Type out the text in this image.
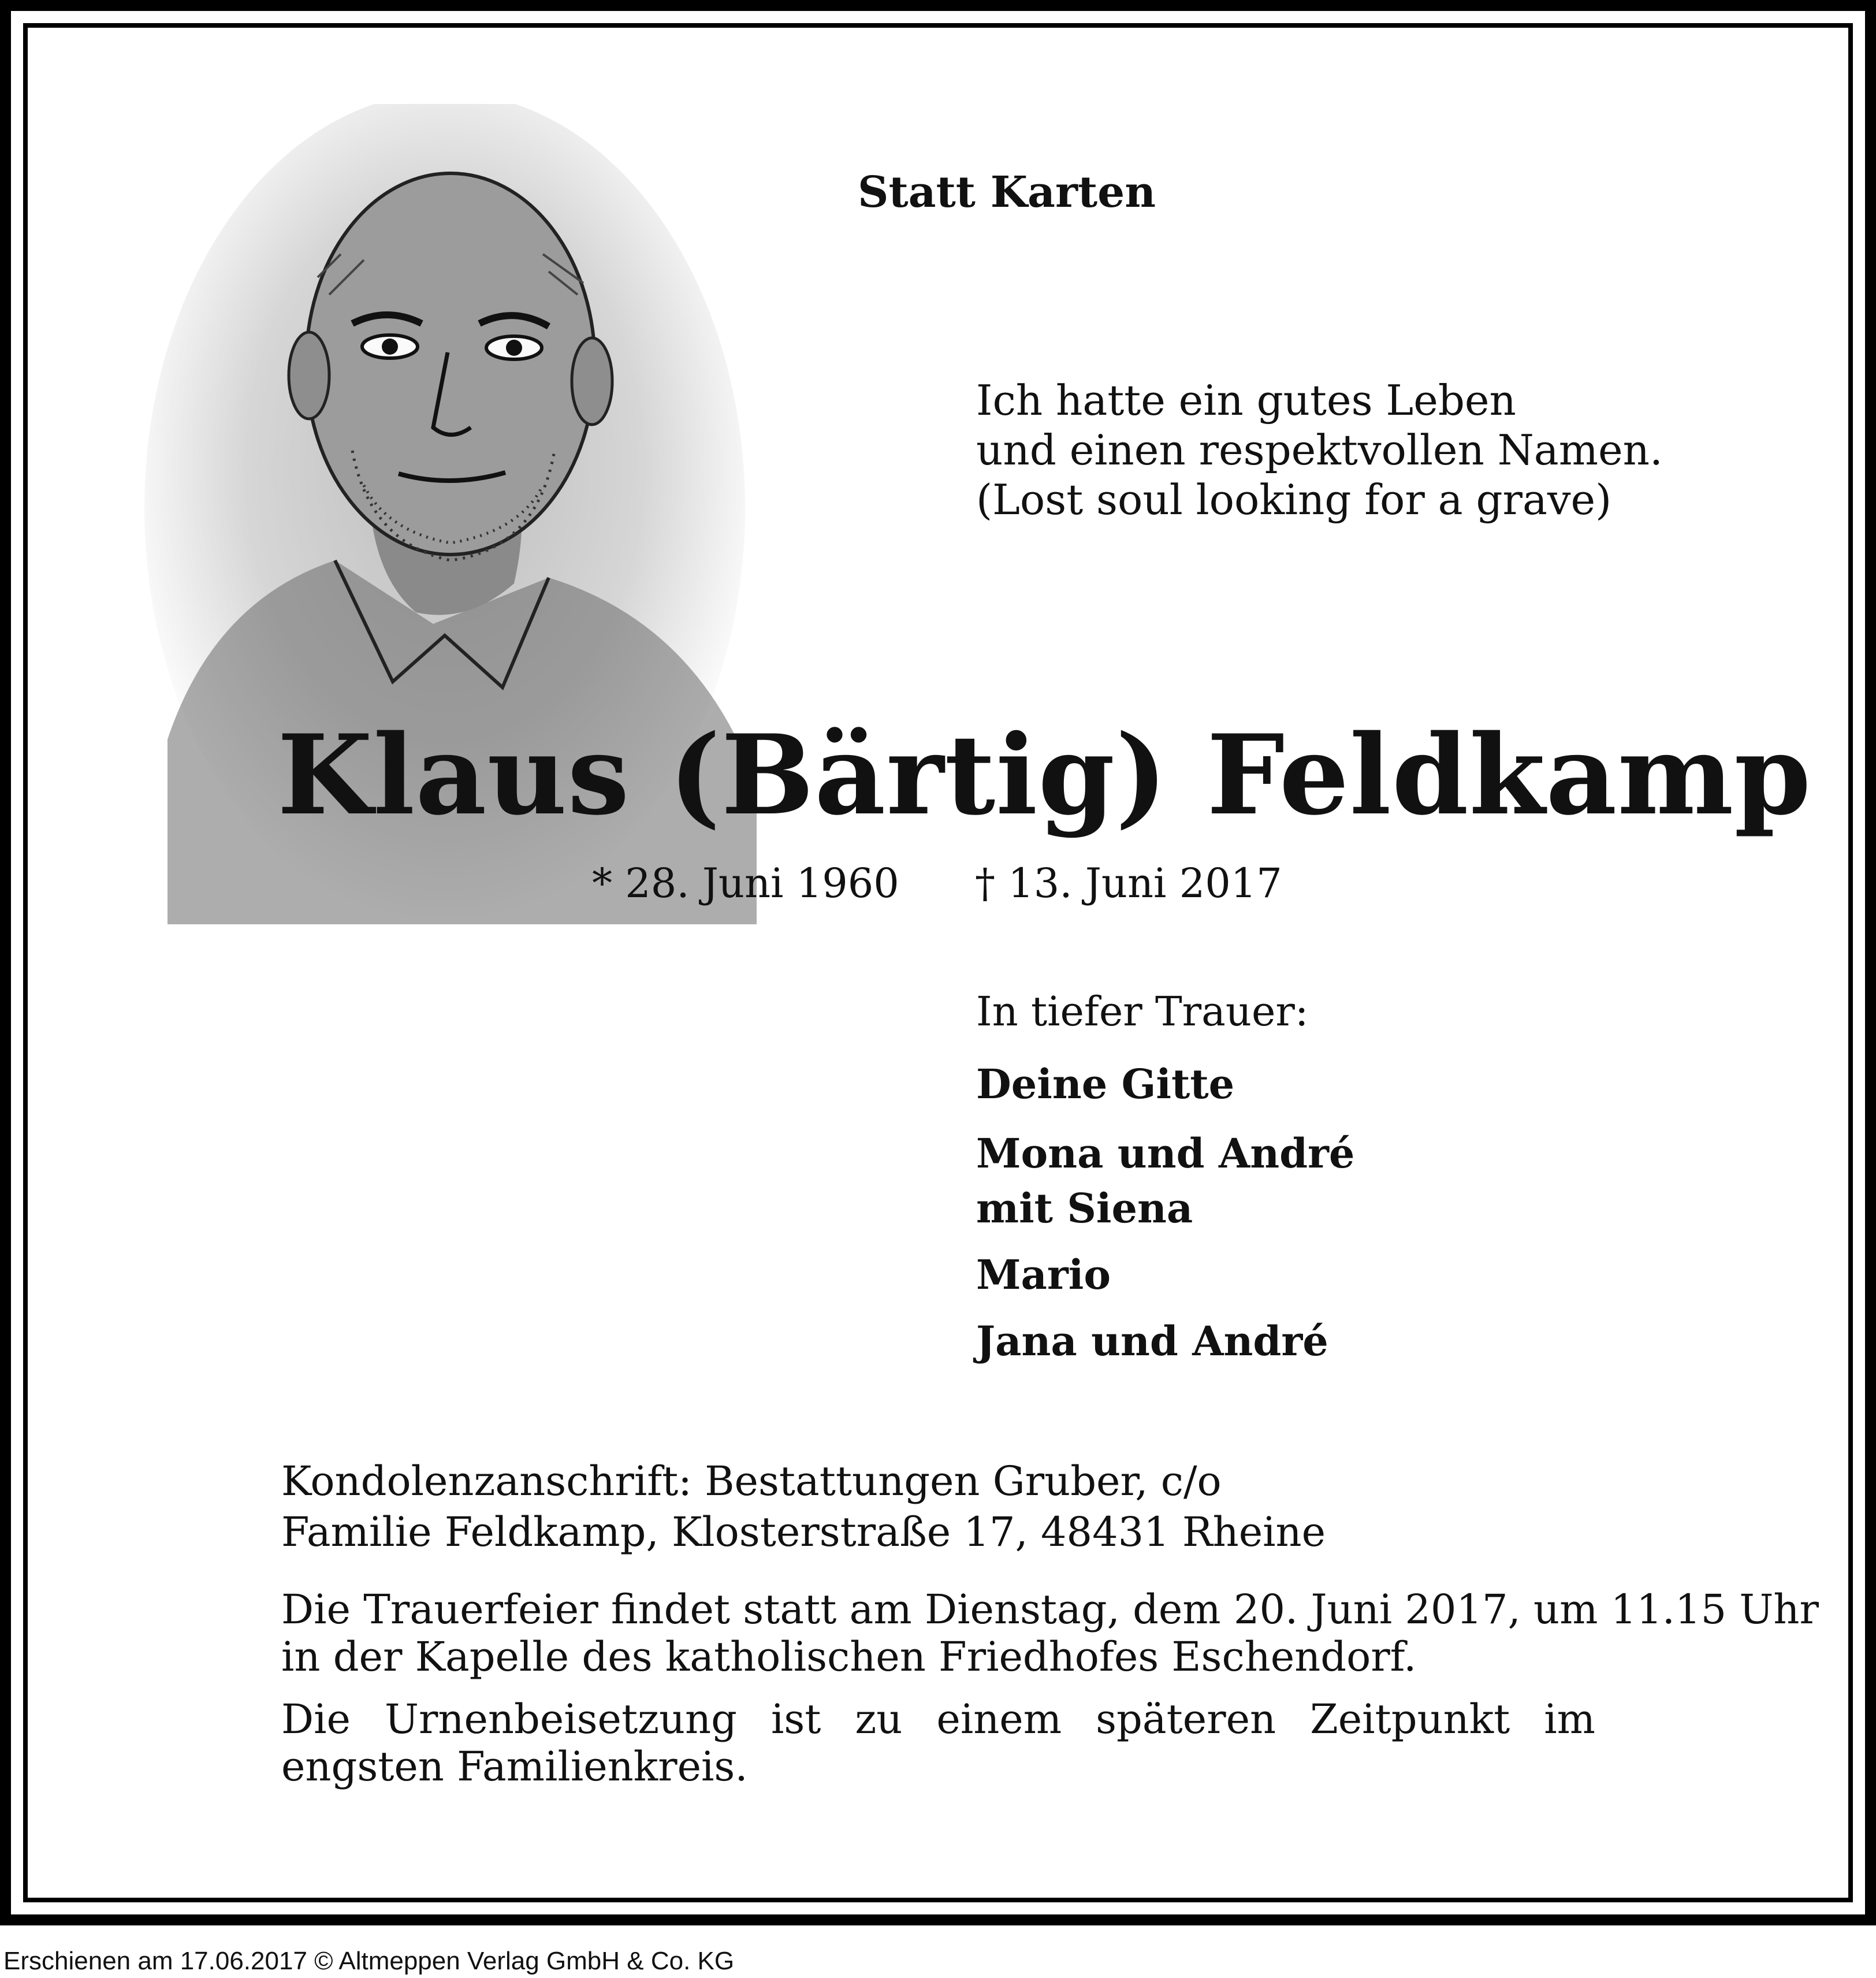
Statt Karten

Ich hatte ein gutes Leben
und einen respektvollen Namen.
(Lost soul looking for a grave)

Klaus (Bärtig) Feldkamp

* 28. Juni 1960 † 13. Juni 2017

In tiefer Trauer:

Deine Gitte

Mona und André

mit Siena

Mario

Jana und André

Kondolenzanschrift: Bestattungen Gruber, c/o
Familie Feldkamp, Klosterstraße 17, 48431 Rheine
Die Trauerfeier findet statt am Dienstag, dem 20. Juni 2017, um 11.15 Uhr
in der Kapelle des katholischen Friedhofes Eschendorf.

Die Urnenbeisetzung ist zu einem späteren Zeitpunkt im engsten Familienkreis.

Erschienen am 17.06.2017 © Altmeppen Verlag GmbH & Co. KG
